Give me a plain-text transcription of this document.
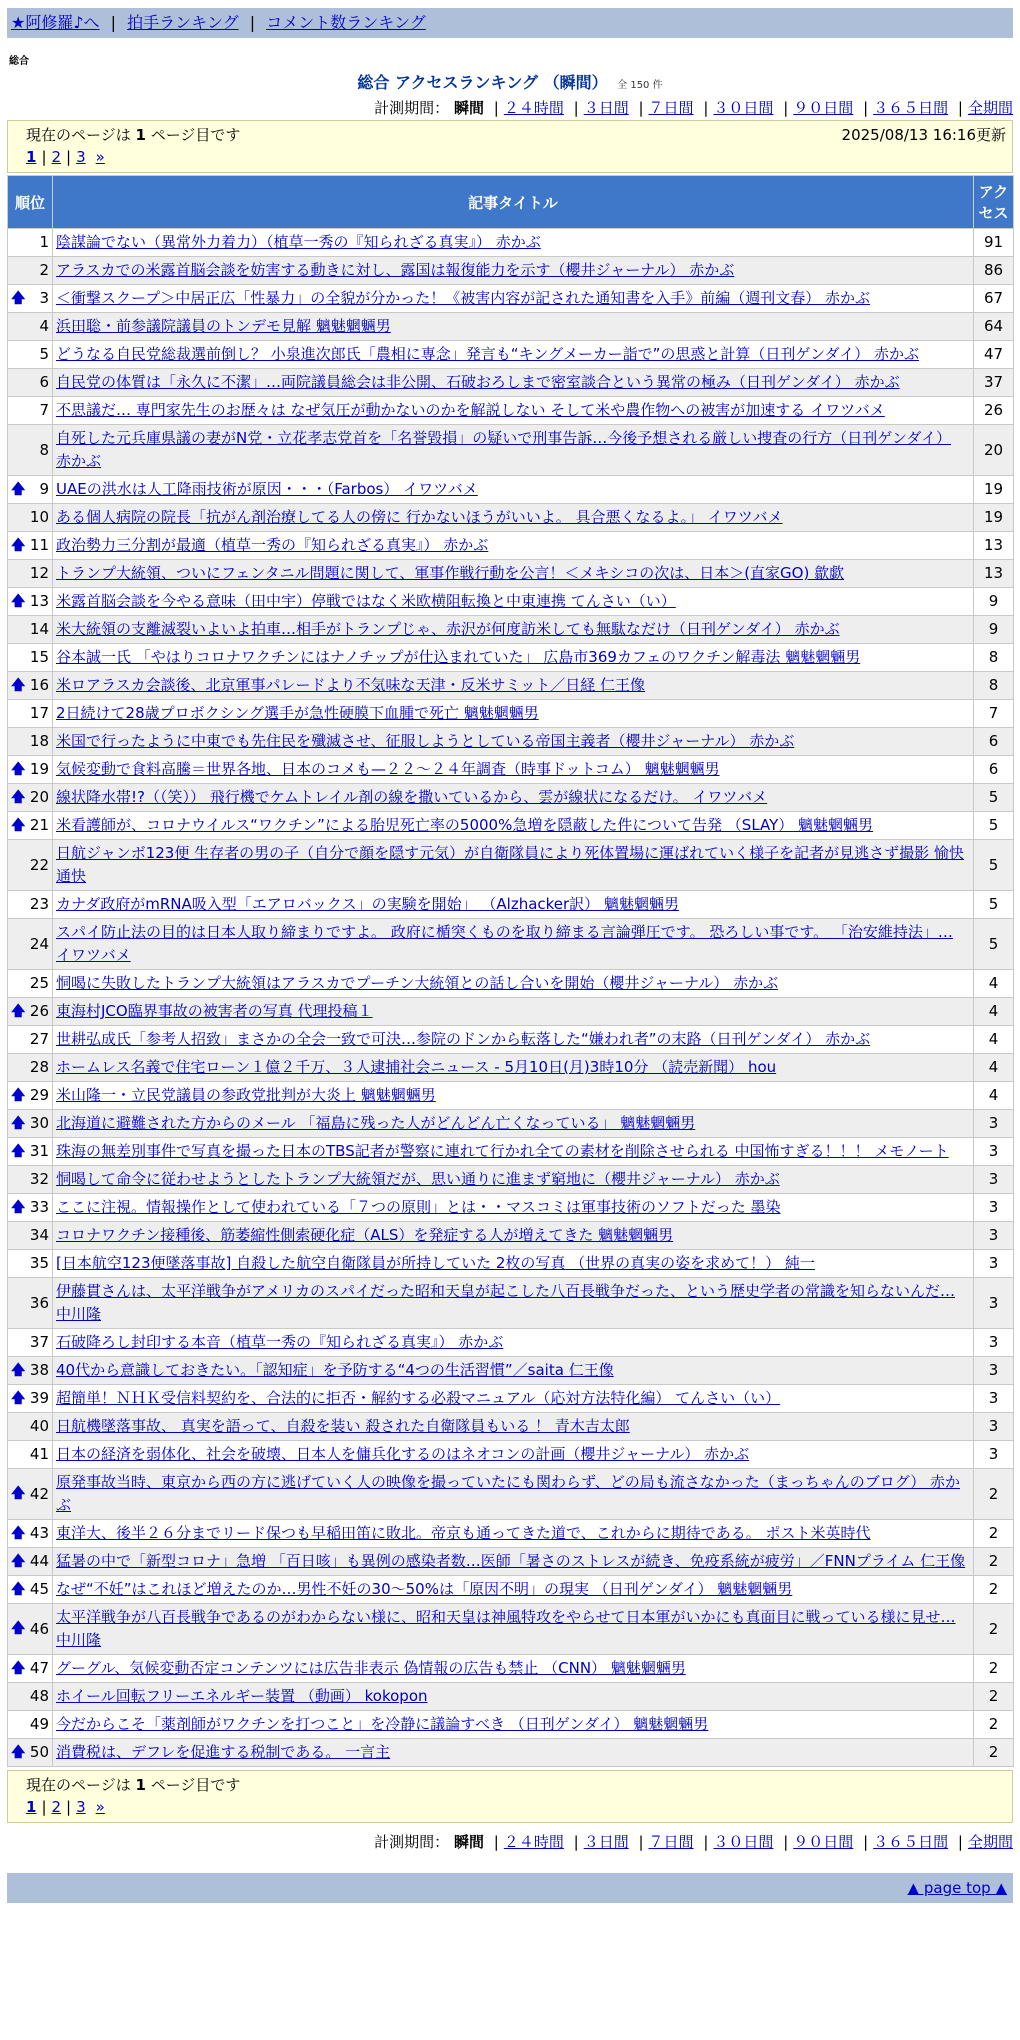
★阿修羅♪へ | 拍手ランキング | コメント数ランキング
総合
総合 アクセスランキング （瞬間） 全 150 件
計測期間： 瞬間 | ２４時間 | ３日間 | ７日間 | ３０日間 | ９０日間 | ３６５日間 | 全期間
現在のページは 1 ページ目です	2025/08/13 16:16更新
1 | 2 | 3 »
順位	記事タイトル	アクセス
1	陰謀論でない（異常外力着力）（植草一秀の『知られざる真実』） 赤かぶ	91
2	アラスカでの米露首脳会談を妨害する動きに対し、露国は報復能力を示す（櫻井ジャーナル） 赤かぶ	86

🡅 3	＜衝撃スクープ＞中居正広「性暴力」の全貌が分かった！《被害内容が記された通知書を入手》前編（週刊文春） 赤かぶ	67
4	浜田聡・前参議院議員のトンデモ見解 魑魅魍魎男	64
5	どうなる自民党総裁選前倒し？ 小泉進次郎氏「農相に専念」発言も“キングメーカー詣で”の思惑と計算（日刊ゲンダイ） 赤かぶ	47
6	自民党の体質は「永久に不潔」…両院議員総会は非公開、石破おろしまで密室談合という異常の極み（日刊ゲンダイ） 赤かぶ	37
7	不思議だ… 専門家先生のお歴々は なぜ気圧が動かないのかを解説しない そして米や農作物への被害が加速する イワツバメ	26
8	自死した元兵庫県議の妻がN党・立花孝志党首を「名誉毀損」の疑いで刑事告訴…今後予想される厳しい捜査の行方（日刊ゲンダイ） 赤かぶ	20

🡅 9	UAEの洪水は人工降雨技術が原因・・・（Farbos） イワツバメ	19
10	ある個人病院の院長「抗がん剤治療してる人の傍に 行かないほうがいいよ。 具合悪くなるよ。」 イワツバメ	19

🡅 11	政治勢力三分割が最適（植草一秀の『知られざる真実』） 赤かぶ	13
12	トランプ大統領、ついにフェンタニル問題に関して、軍事作戦行動を公言！＜メキシコの次は、日本＞(直家GO) 歙歔	13

🡅 13	米露首脳会談を今やる意味（田中宇）停戦ではなく米欧横阻転換と中東連携 てんさい（い）	9
14	米大統領の支離滅裂いよいよ拍車…相手がトランプじゃ、赤沢が何度訪米しても無駄なだけ（日刊ゲンダイ） 赤かぶ	9
15	谷本誠一氏 「やはりコロナワクチンにはナノチップが仕込まれていた」 広島市369カフェのワクチン解毒法 魑魅魍魎男	8

🡅 16	米ロアラスカ会談後、北京軍事パレードより不気味な天津・反米サミット／日経 仁王像	8
17	2日続けて28歳プロボクシング選手が急性硬膜下血腫で死亡 魑魅魍魎男	7
18	米国で行ったように中東でも先住民を殲滅させ、征服しようとしている帝国主義者（櫻井ジャーナル） 赤かぶ	6

🡅 19	気候変動で食料高騰＝世界各地、日本のコメも—２２～２４年調査（時事ドットコム） 魑魅魍魎男	6

🡅 20	線状降水帯!?（（笑）） 飛行機でケムトレイル剤の線を撒いているから、雲が線状になるだけ。 イワツバメ	5

🡅 21	米看護師が、コロナウイルス“ワクチン”による胎児死亡率の5000%急増を隠蔽した件について告発 （SLAY） 魑魅魍魎男	5
22	日航ジャンボ123便 生存者の男の子（自分で顔を隠す元気）が自衛隊員により死体置場に運ばれていく様子を記者が見逃さず撮影 愉快通快	5
23	カナダ政府がmRNA吸入型「エアロバックス」の実験を開始」 （Alzhacker訳） 魑魅魍魎男	5
24	スパイ防止法の目的は日本人取り締まりですよ。 政府に楯突くものを取り締まる言論弾圧です。 恐ろしい事です。 「治安維持法」… イワツバメ	5
25	恫喝に失敗したトランプ大統領はアラスカでプーチン大統領との話し合いを開始（櫻井ジャーナル） 赤かぶ	4

🡅 26	東海村JCO臨界事故の被害者の写真 代理投稿１	4
27	世耕弘成氏「参考人招致」まさかの全会一致で可決…参院のドンから転落した“嫌われ者”の末路（日刊ゲンダイ） 赤かぶ	4
28	ホームレス名義で住宅ローン１億２千万、３人逮捕社会ニュース - 5月10日(月)3時10分 （読売新聞） hou	4

🡅 29	米山隆一・立民党議員の参政党批判が大炎上 魑魅魍魎男	4

🡅 30	北海道に避難された方からのメール 「福島に残った人がどんどん亡くなっている」 魑魅魍魎男	3

🡅 31	珠海の無差別事件で写真を撮った日本のTBS記者が警察に連れて行かれ全ての素材を削除させられる 中国怖すぎる！！！ メモノート	3
32	恫喝して命令に従わせようとしたトランプ大統領だが、思い通りに進まず窮地に（櫻井ジャーナル） 赤かぶ	3

🡅 33	ここに注視。情報操作として使われている「７つの原則」とは・・マスコミは軍事技術のソフトだった 墨染	3
34	コロナワクチン接種後、筋萎縮性側索硬化症（ALS）を発症する人が増えてきた 魑魅魍魎男	3
35	[日本航空123便墜落事故] 自殺した航空自衛隊員が所持していた 2枚の写真 （世界の真実の姿を求めて！） 純一	3
36	伊藤貫さんは、太平洋戦争がアメリカのスパイだった昭和天皇が起こした八百長戦争だった、という歴史学者の常識を知らないんだ… 中川隆	3
37	石破降ろし封印する本音（植草一秀の『知られざる真実』） 赤かぶ	3

🡅 38	40代から意識しておきたい。「認知症」を予防する“4つの生活習慣”／saita 仁王像	3

🡅 39	超簡単！ＮＨＫ受信料契約を、合法的に拒否・解約する必殺マニュアル（応対方法特化編） てんさい（い）	3
40	日航機墜落事故、 真実を語って、自殺を装い 殺された自衛隊員もいる ！ 青木吉太郎	3
41	日本の経済を弱体化、社会を破壊、日本人を傭兵化するのはネオコンの計画（櫻井ジャーナル） 赤かぶ	3

🡅 42	原発事故当時、東京から西の方に逃げていく人の映像を撮っていたにも関わらず、どの局も流さなかった（まっちゃんのブログ） 赤かぶ	2

🡅 43	東洋大、後半２６分までリード保つも早稲田笛に敗北。帝京も通ってきた道で、これからに期待である。 ポスト米英時代	2

🡅 44	猛暑の中で「新型コロナ」急増 「百日咳」も異例の感染者数…医師「暑さのストレスが続き、免疫系統が疲労」／FNNプライム 仁王像	2

🡅 45	なぜ“不妊”はこれほど増えたのか…男性不妊の30～50%は「原因不明」の現実 （日刊ゲンダイ） 魑魅魍魎男	2

🡅 46	太平洋戦争が八百長戦争であるのがわからない様に、昭和天皇は神風特攻をやらせて日本軍がいかにも真面目に戦っている様に見せ… 中川隆	2

🡅 47	グーグル、気候変動否定コンテンツには広告非表示 偽情報の広告も禁止 （CNN） 魑魅魍魎男	2
48	ホイール回転フリーエネルギー装置 （動画） kokopon	2
49	今だからこそ「薬剤師がワクチンを打つこと」を冷静に議論すべき （日刊ゲンダイ） 魑魅魍魎男	2

🡅 50	消費税は、デフレを促進する税制である。 一言主	2
現在のページは 1 ページ目です
1 | 2 | 3 »
計測期間： 瞬間 | ２４時間 | ３日間 | ７日間 | ３０日間 | ９０日間 | ３６５日間 | 全期間
▲ page top ▲
